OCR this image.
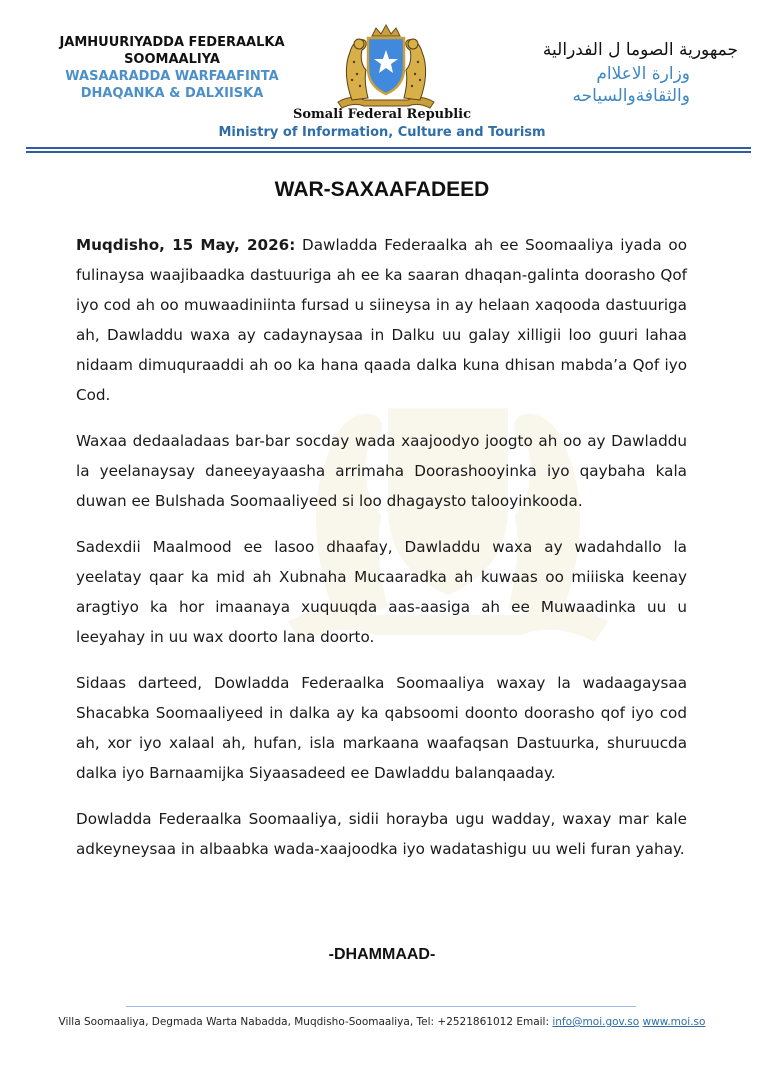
JAMHUURIYADDA FEDERAALKA
SOOMAALIYA
WASAARADDA WARFAAFINTA
DHAQANKA & DALXIISKA
جمهورية الصوما ل الفدرالية
وزارة الاعلاام
والثقافةوالسياحه
Somali Federal Republic
Ministry of Information, Culture and Tourism
WAR-SAXAAFADEED

Muqdisho, 15 May, 2026: Dawladda Federaalka ah ee Soomaaliya iyada oo fulinaysa waajibaadka dastuuriga ah ee ka saaran dhaqan-galinta doorasho Qof iyo cod ah oo muwaadiniinta fursad u siineysa in ay helaan xaqooda dastuuriga ah, Dawladdu waxa ay cadaynaysaa in Dalku uu galay xilligii loo guuri lahaa nidaam dimuquraaddi ah oo ka hana qaada dalka kuna dhisan mabda’a Qof iyo Cod.

Waxaa dedaaladaas bar-bar socday wada xaajoodyo joogto ah oo ay Dawladdu la yeelanaysay daneeyayaasha arrimaha Doorashooyinka iyo qaybaha kala duwan ee Bulshada Soomaaliyeed si loo dhagaysto talooyinkooda.

Sadexdii Maalmood ee lasoo dhaafay, Dawladdu waxa ay wadahdallo la yeelatay qaar ka mid ah Xubnaha Mucaaradka ah kuwaas oo miiiska keenay aragtiyo ka hor imaanaya xuquuqda aas-aasiga ah ee Muwaadinka uu u leeyahay in uu wax doorto lana doorto.

Sidaas darteed, Dowladda Federaalka Soomaaliya waxay la wadaagaysaa Shacabka Soomaaliyeed in dalka ay ka qabsoomi doonto doorasho qof iyo cod ah, xor iyo xalaal ah, hufan, isla markaana waafaqsan Dastuurka, shuruucda dalka iyo Barnaamijka Siyaasadeed ee Dawladdu balanqaaday.

Dowladda Federaalka Soomaaliya, sidii horayba ugu wadday, waxay mar kale adkeyneysaa in albaabka wada-xaajoodka iyo wadatashigu uu weli furan yahay.

-DHAMMAAD-
Villa Soomaaliya, Degmada Warta Nabadda, Muqdisho-Soomaaliya, Tel: +2521861012 Email: info@moi.gov.so www.moi.so
